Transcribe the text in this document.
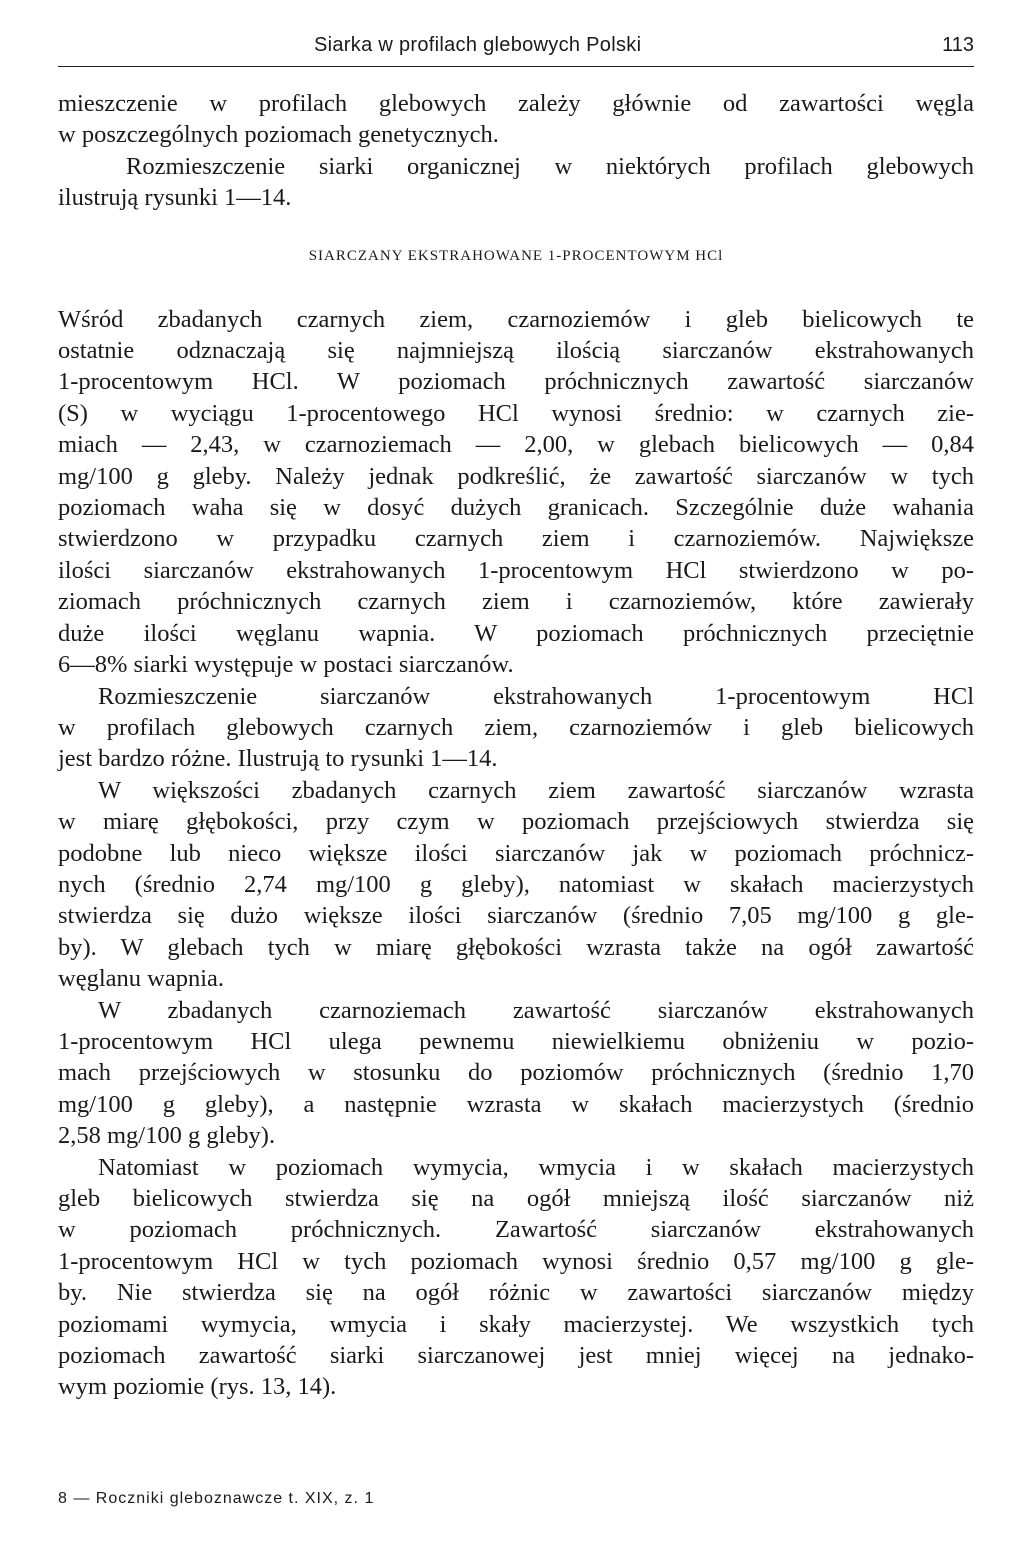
Siarka w profilach glebowych Polski	113
mieszczenie w profilach glebowych zależy głównie od zawartości węgla
w poszczególnych poziomach genetycznych.
Rozmieszczenie siarki organicznej w niektórych profilach glebowych
ilustrują rysunki 1—14.
SIARCZANY EKSTRAHOWANE 1-PROCENTOWYM HCl
Wśród zbadanych czarnych ziem, czarnoziemów i gleb bielicowych te
ostatnie odznaczają się najmniejszą ilością siarczanów ekstrahowanych
1-procentowym HCl. W poziomach próchnicznych zawartość siarczanów
(S) w wyciągu 1-procentowego HCl wynosi średnio: w czarnych zie-
miach — 2,43, w czarnoziemach — 2,00, w glebach bielicowych — 0,84
mg/100 g gleby. Należy jednak podkreślić, że zawartość siarczanów w tych
poziomach waha się w dosyć dużych granicach. Szczególnie duże wahania
stwierdzono w przypadku czarnych ziem i czarnoziemów. Największe
ilości siarczanów ekstrahowanych 1-procentowym HCl stwierdzono w po-
ziomach próchnicznych czarnych ziem i czarnoziemów, które zawierały
duże ilości węglanu wapnia. W poziomach próchnicznych przeciętnie
6—8% siarki występuje w postaci siarczanów.
Rozmieszczenie siarczanów ekstrahowanych 1-procentowym HCl
w profilach glebowych czarnych ziem, czarnoziemów i gleb bielicowych
jest bardzo różne. Ilustrują to rysunki 1—14.
W większości zbadanych czarnych ziem zawartość siarczanów wzrasta
w miarę głębokości, przy czym w poziomach przejściowych stwierdza się
podobne lub nieco większe ilości siarczanów jak w poziomach próchnicz-
nych (średnio 2,74 mg/100 g gleby), natomiast w skałach macierzystych
stwierdza się dużo większe ilości siarczanów (średnio 7,05 mg/100 g gle-
by). W glebach tych w miarę głębokości wzrasta także na ogół zawartość
węglanu wapnia.
W zbadanych czarnoziemach zawartość siarczanów ekstrahowanych
1-procentowym HCl ulega pewnemu niewielkiemu obniżeniu w pozio-
mach przejściowych w stosunku do poziomów próchnicznych (średnio 1,70
mg/100 g gleby), a następnie wzrasta w skałach macierzystych (średnio
2,58 mg/100 g gleby).
Natomiast w poziomach wymycia, wmycia i w skałach macierzystych
gleb bielicowych stwierdza się na ogół mniejszą ilość siarczanów niż
w poziomach próchnicznych. Zawartość siarczanów ekstrahowanych
1-procentowym HCl w tych poziomach wynosi średnio 0,57 mg/100 g gle-
by. Nie stwierdza się na ogół różnic w zawartości siarczanów między
poziomami wymycia, wmycia i skały macierzystej. We wszystkich tych
poziomach zawartość siarki siarczanowej jest mniej więcej na jednako-
wym poziomie (rys. 13, 14).
8 — Roczniki gleboznawcze t. XIX, z. 1
